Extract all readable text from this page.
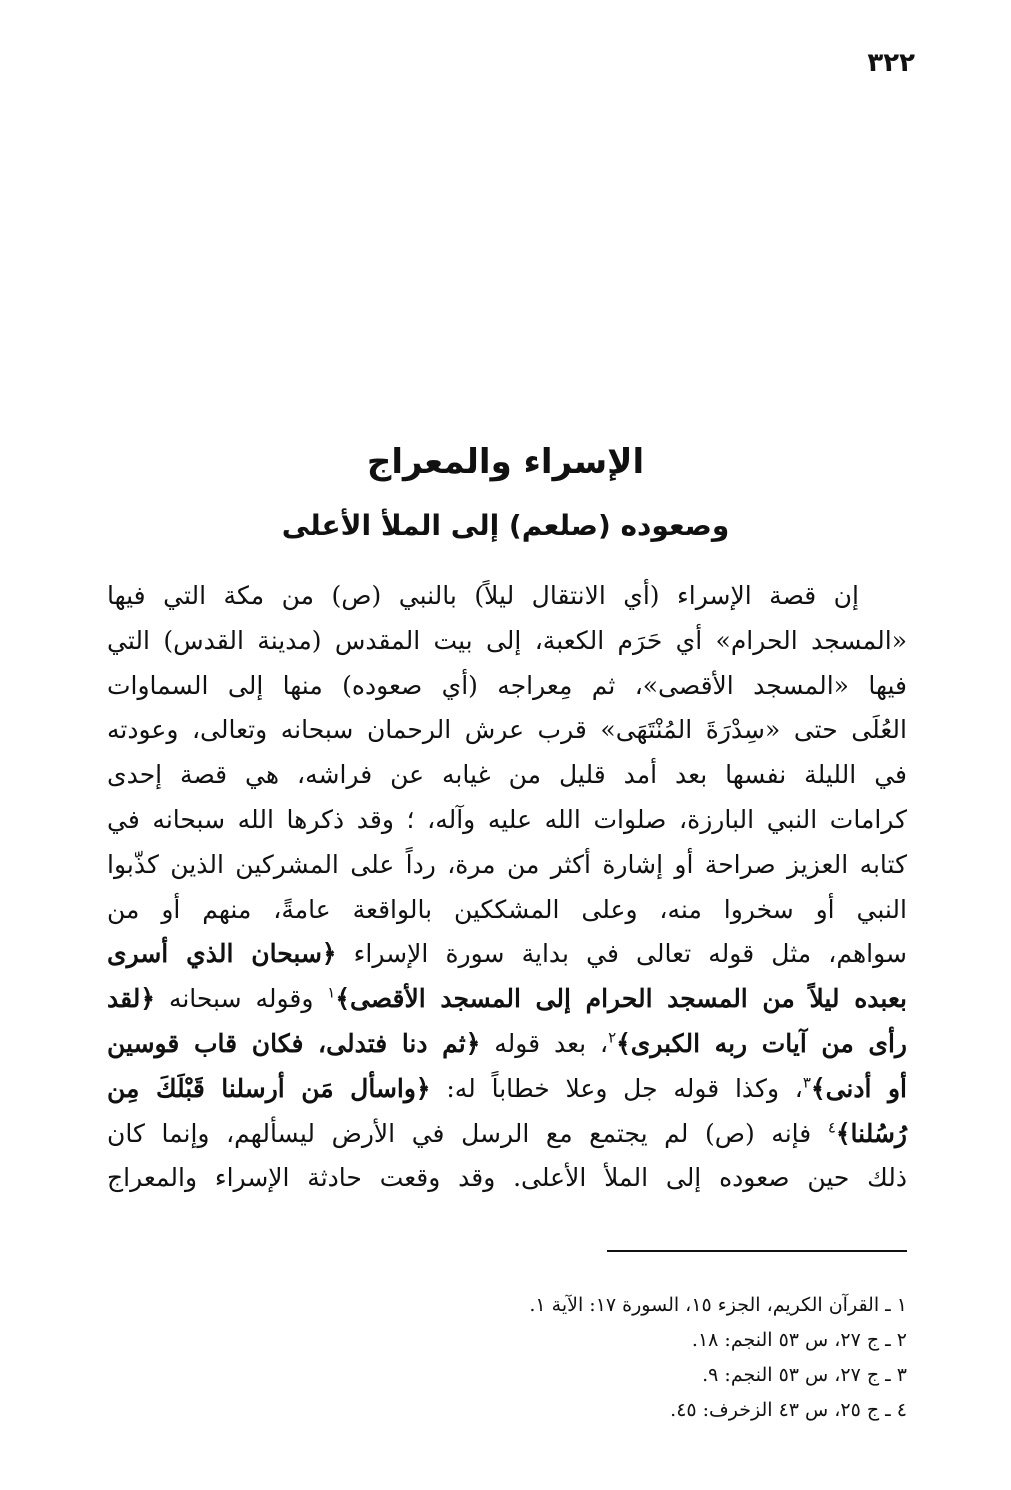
٣٢٢
الإسراء والمعراج
وصعوده (صلعم) إلى الملأ الأعلى
إن قصة الإسراء (أي الانتقال ليلاً) بالنبي (ص) من مكة التي فيها
«المسجد الحرام» أي حَرَم الكعبة، إلى بيت المقدس (مدينة القدس) التي
فيها «المسجد الأقصى»، ثم مِعراجه (أي صعوده) منها إلى السماوات
العُلَى حتى «سِدْرَةَ المُنْتَهَى» قرب عرش الرحمان سبحانه وتعالى، وعودته
في الليلة نفسها بعد أمد قليل من غيابه عن فراشه، هي قصة إحدى
كرامات النبي البارزة، صلوات الله عليه وآله، ؛ وقد ذكرها الله سبحانه في
كتابه العزيز صراحة أو إشارة أكثر من مرة، رداً على المشركين الذين كذّبوا
النبي أو سخروا منه، وعلى المشككين بالواقعة عامةً، منهم أو من
سواهم، مثل قوله تعالى في بداية سورة الإسراء ﴿سبحان الذي أسرى
بعبده ليلاً من المسجد الحرام إلى المسجد الأقصى﴾$^١$ وقوله سبحانه ﴿لقد
رأى من آيات ربه الكبرى﴾$^٢$، بعد قوله ﴿ثم دنا فتدلى، فكان قاب قوسين
أو أدنى﴾$^٣$، وكذا قوله جل وعلا خطاباً له: ﴿واسأل مَن أرسلنا قَبْلَكَ مِن
رُسُلنا﴾$^٤$ فإنه (ص) لم يجتمع مع الرسل في الأرض ليسألهم، وإنما كان
ذلك حين صعوده إلى الملأ الأعلى. وقد وقعت حادثة الإسراء والمعراج
١ ـ القرآن الكريم، الجزء ١٥، السورة ١٧: الآية ١.
٢ ـ ج ٢٧، س ٥٣ النجم: ١٨.
٣ ـ ج ٢٧، س ٥٣ النجم: ٩.
٤ ـ ج ٢٥، س ٤٣ الزخرف: ٤٥.
